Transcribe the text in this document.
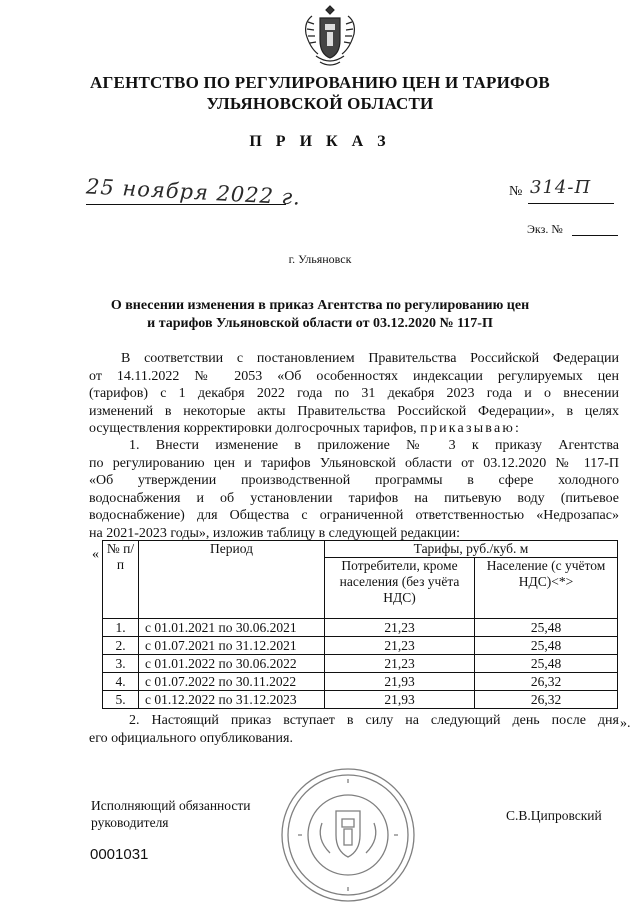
АГЕНТСТВО ПО РЕГУЛИРОВАНИЮ ЦЕН И ТАРИФОВ
УЛЬЯНОВСКОЙ ОБЛАСТИ
П Р И К А З
25 ноября 2022 г.	№ 314-П
Экз. №
г. Ульяновск
О внесении изменения в приказ Агентства по регулированию цен
и тарифов Ульяновской области от 03.12.2020 № 117-П
В соответствии с постановлением Правительства Российской Федерации
от 14.11.2022 № 2053 «Об особенностях индексации регулируемых цен
(тарифов) с 1 декабря 2022 года по 31 декабря 2023 года и о внесении
изменений в некоторые акты Правительства Российской Федерации», в целях
осуществления корректировки долгосрочных тарифов, приказываю:
1. Внести изменение в приложение № 3 к приказу Агентства
по регулированию цен и тарифов Ульяновской области от 03.12.2020 № 117-П
«Об утверждении производственной программы в сфере холодного
водоснабжения и об установлении тарифов на питьевую воду (питьевое
водоснабжение) для Общества с ограниченной ответственностью «Недрозапас»
на 2021-2023 годы», изложив таблицу в следующей редакции:
« № п/п	Период	Тарифы, руб./куб. м	
		Потребители, кроме населения (без учёта НДС)	Население (с учётом НДС)<*>
1.	с 01.01.2021 по 30.06.2021	21,23	25,48
2.	с 01.07.2021 по 31.12.2021	21,23	25,48
3.	с 01.01.2022 по 30.06.2022	21,23	25,48
4.	с 01.07.2022 по 30.11.2022	21,93	26,32
5.	с 01.12.2022 по 31.12.2023	21,93	26,32
».
2. Настоящий приказ вступает в силу на следующий день после дня
его официального опубликования.
Исполняющий обязанности
руководителя	С.В.Ципровский
0001031
